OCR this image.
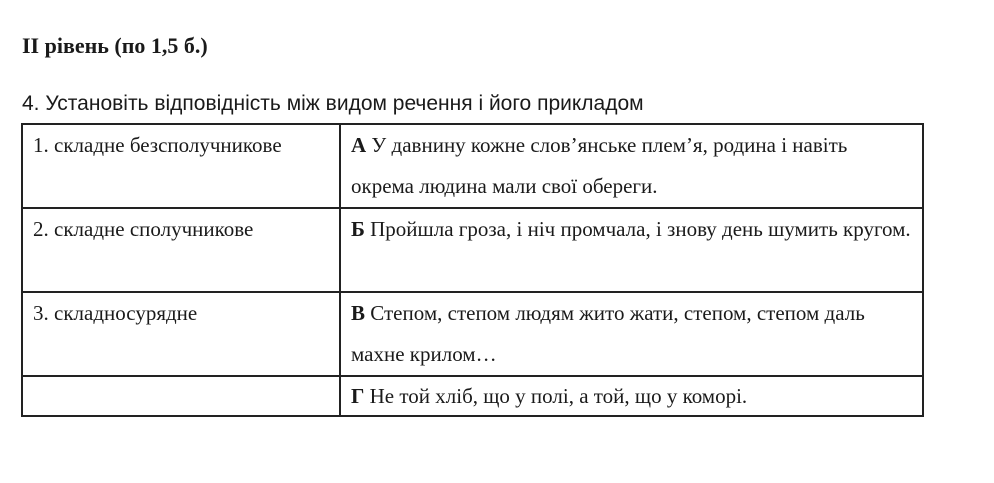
ІІ рівень (по 1,5 б.)

4. Установіть відповідність між видом речення і його прикладом

1. складне безсполучникове	А У давнину кожне слов’янське плем’я, родина і навіть окрема людина мали свої обереги.
2. складне сполучникове	Б Пройшла гроза, і ніч промчала, і знову день шумить кругом.
3. складносурядне	В Степом, степом людям жито жати, степом, степом даль махне крилом…
	Г Не той хліб, що у полі, а той, що у коморі.
